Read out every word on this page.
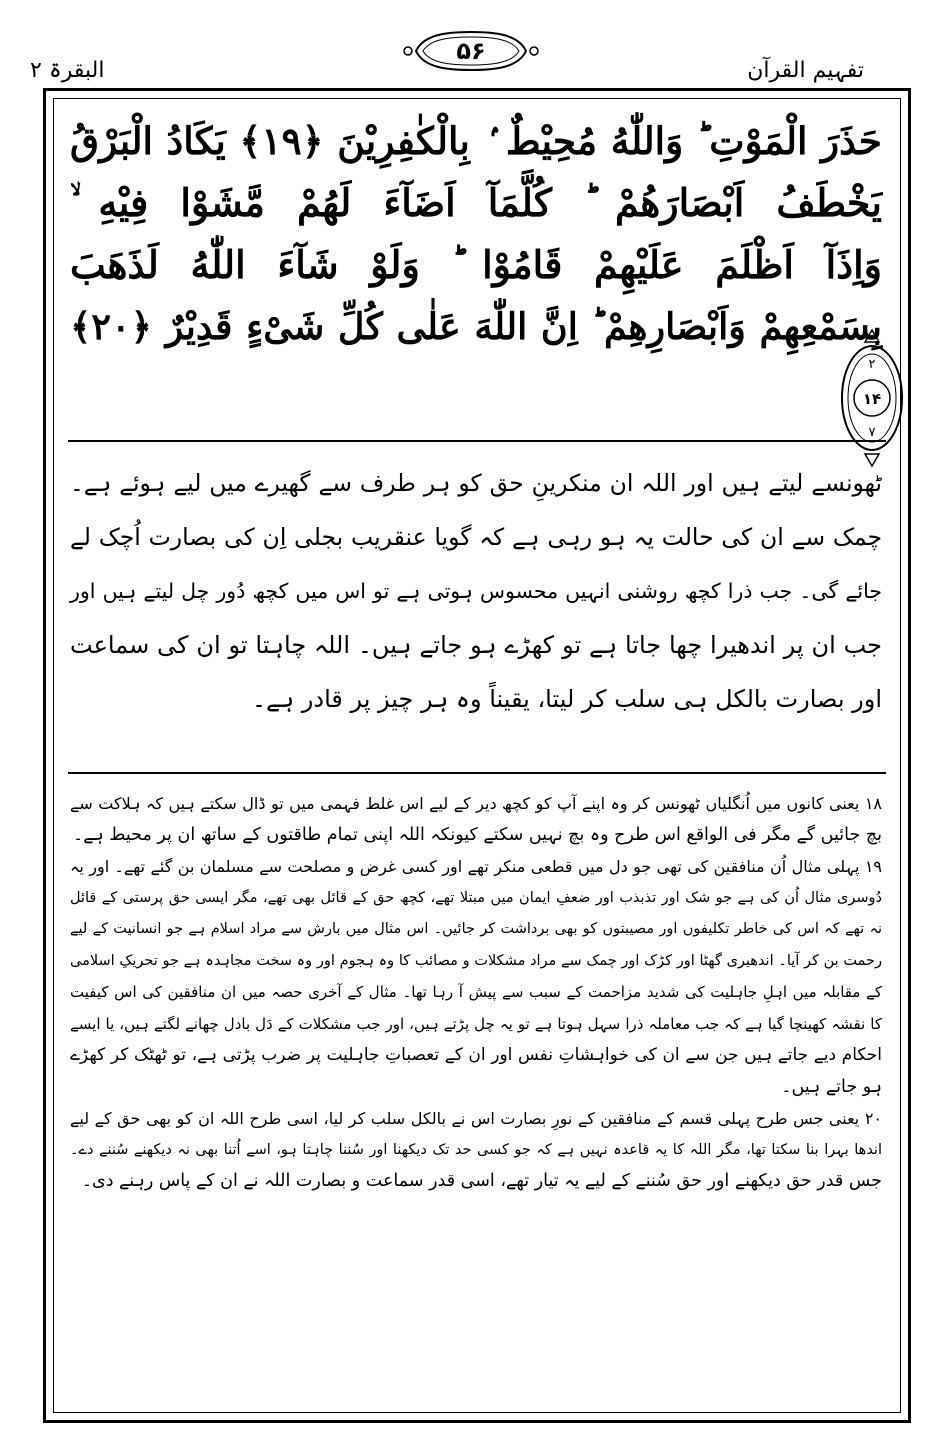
تفہیم القرآن
البقرۃ ۲
۵۶
۲
۱۴
۷
حَذَرَ الْمَوْتِ ؕ وَاللّٰهُ مُحِيْطٌ ۢ بِالْكٰفِرِيْنَ ﴿۱۹﴾ يَكَادُ الْبَرْقُ
يَخْطَفُ اَبْصَارَهُمْ ؕ كُلَّمَآ اَضَآءَ لَهُمْ مَّشَوْا فِيْهِ ۙ
وَاِذَآ اَظْلَمَ عَلَيْهِمْ قَامُوْا ؕ وَلَوْ شَآءَ اللّٰهُ لَذَهَبَ
بِسَمْعِهِمْ وَاَبْصَارِهِمْ ؕ اِنَّ اللّٰهَ عَلٰى كُلِّ شَىْءٍ قَدِيْرٌ ﴿۲۰﴾
ٹھونسے لیتے ہیں اور اللہ ان منکرینِ حق کو ہر طرف سے گھیرے میں لیے ہوئے ہے۔
چمک سے ان کی حالت یہ ہو رہی ہے کہ گویا عنقریب بجلی اِن کی بصارت اُچک لے
جائے گی۔ جب ذرا کچھ روشنی انہیں محسوس ہوتی ہے تو اس میں کچھ دُور چل لیتے ہیں اور
جب ان پر اندھیرا چھا جاتا ہے تو کھڑے ہو جاتے ہیں۔ اللہ چاہتا تو ان کی سماعت
اور بصارت بالکل ہی سلب کر لیتا، یقیناً وہ ہر چیز پر قادر ہے۔
۱۸ یعنی کانوں میں اُنگلیاں ٹھونس کر وہ اپنے آپ کو کچھ دیر کے لیے اس غلط فہمی میں تو ڈال سکتے ہیں کہ ہلاکت سے
بچ جائیں گے مگر فی الواقع اس طرح وہ بچ نہیں سکتے کیونکہ اللہ اپنی تمام طاقتوں کے ساتھ ان پر محیط ہے۔
۱۹ پہلی مثال اُن منافقین کی تھی جو دل میں قطعی منکر تھے اور کسی غرض و مصلحت سے مسلمان بن گئے تھے۔ اور یہ
دُوسری مثال اُن کی ہے جو شک اور تذبذب اور ضعفِ ایمان میں مبتلا تھے، کچھ حق کے قائل بھی تھے، مگر ایسی حق پرستی کے قائل
نہ تھے کہ اس کی خاطر تکلیفوں اور مصیبتوں کو بھی برداشت کر جائیں۔ اس مثال میں بارش سے مراد اسلام ہے جو انسانیت کے لیے
رحمت بن کر آیا۔ اندھیری گھٹا اور کڑک اور چمک سے مراد مشکلات و مصائب کا وہ ہجوم اور وہ سخت مجاہدہ ہے جو تحریکِ اسلامی
کے مقابلہ میں اہلِ جاہلیت کی شدید مزاحمت کے سبب سے پیش آ رہا تھا۔ مثال کے آخری حصہ میں ان منافقین کی اس کیفیت
کا نقشہ کھینچا گیا ہے کہ جب معاملہ ذرا سہل ہوتا ہے تو یہ چل پڑتے ہیں، اور جب مشکلات کے دَل بادل چھانے لگتے ہیں، یا ایسے
احکام دیے جاتے ہیں جن سے ان کی خواہشاتِ نفس اور ان کے تعصباتِ جاہلیت پر ضرب پڑتی ہے، تو ٹھٹک کر کھڑے
ہو جاتے ہیں۔
۲۰ یعنی جس طرح پہلی قسم کے منافقین کے نورِ بصارت اس نے بالکل سلب کر لیا، اسی طرح اللہ ان کو بھی حق کے لیے
اندھا بہرا بنا سکتا تھا، مگر اللہ کا یہ قاعدہ نہیں ہے کہ جو کسی حد تک دیکھنا اور سُننا چاہتا ہو، اسے اُتنا بھی نہ دیکھنے سُننے دے۔
جس قدر حق دیکھنے اور حق سُننے کے لیے یہ تیار تھے، اسی قدر سماعت و بصارت اللہ نے ان کے پاس رہنے دی۔
